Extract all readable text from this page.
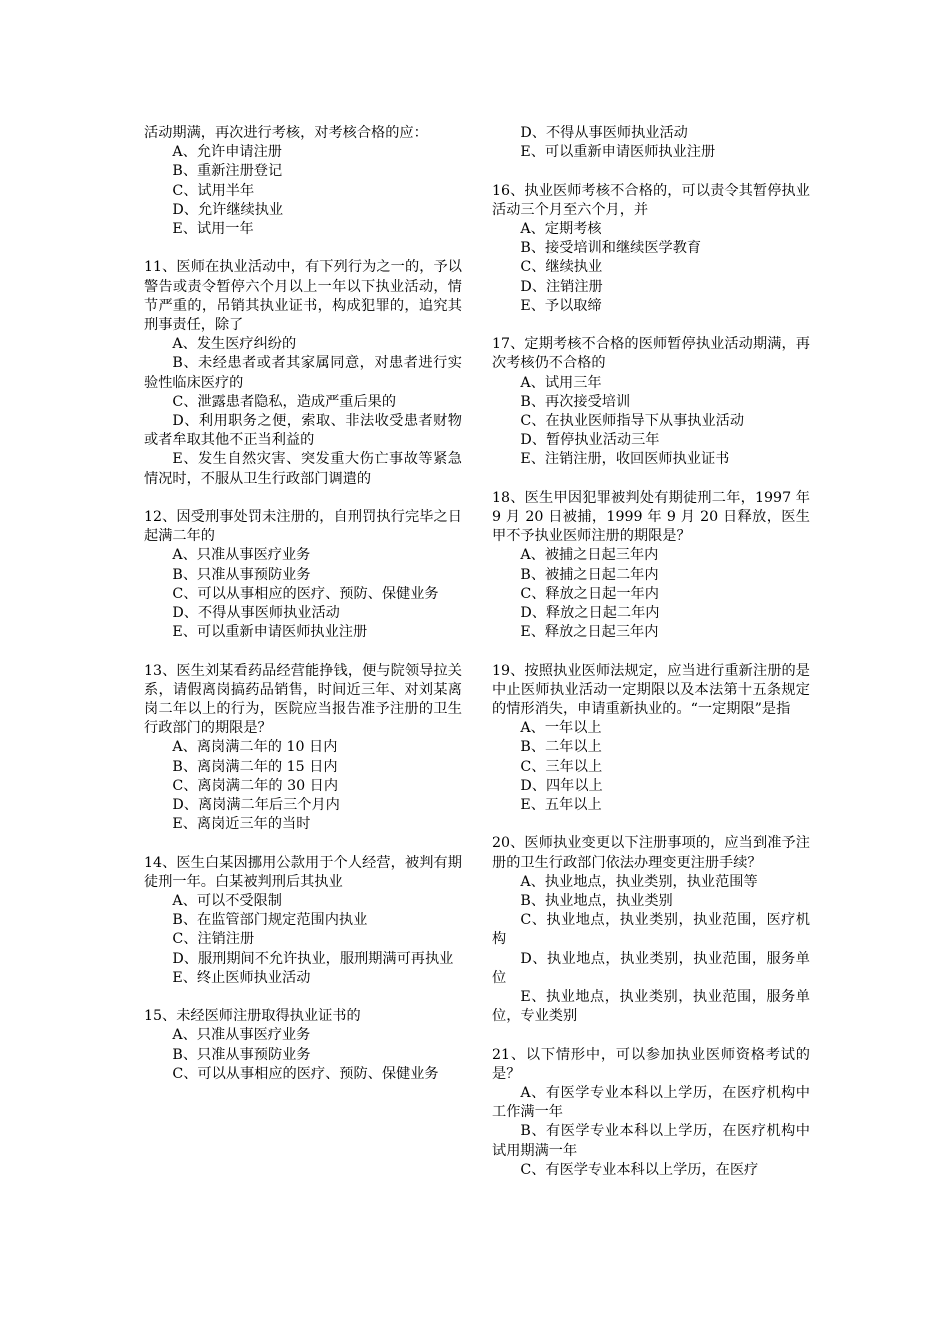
活动期满，再次进行考核，对考核合格的应：
A、允许申请注册
B、重新注册登记
C、试用半年
D、允许继续执业
E、试用一年
11、医师在执业活动中，有下列行为之一的，予以警告或责令暂停六个月以上一年以下执业活动，情节严重的，吊销其执业证书，构成犯罪的，追究其刑事责任，除了
A、发生医疗纠纷的
B、未经患者或者其家属同意，对患者进行实验性临床医疗的
C、泄露患者隐私，造成严重后果的
D、利用职务之便，索取、非法收受患者财物或者牟取其他不正当利益的
E、发生自然灾害、突发重大伤亡事故等紧急情况时，不服从卫生行政部门调遣的
12、因受刑事处罚未注册的，自刑罚执行完毕之日起满二年的
A、只准从事医疗业务
B、只准从事预防业务
C、可以从事相应的医疗、预防、保健业务
D、不得从事医师执业活动
E、可以重新申请医师执业注册
13、医生刘某看药品经营能挣钱，便与院领导拉关系，请假离岗搞药品销售，时间近三年、对刘某离岗二年以上的行为，医院应当报告准予注册的卫生行政部门的期限是？
A、离岗满二年的 10 日内
B、离岗满二年的 15 日内
C、离岗满二年的 30 日内
D、离岗满二年后三个月内
E、离岗近三年的当时
14、医生白某因挪用公款用于个人经营，被判有期徒刑一年。白某被判刑后其执业
A、可以不受限制
B、在监管部门规定范围内执业
C、注销注册
D、服刑期间不允许执业，服刑期满可再执业
E、终止医师执业活动
15、未经医师注册取得执业证书的
A、只准从事医疗业务
B、只准从事预防业务
C、可以从事相应的医疗、预防、保健业务
D、不得从事医师执业活动
E、可以重新申请医师执业注册
16、执业医师考核不合格的，可以责令其暂停执业活动三个月至六个月，并
A、定期考核
B、接受培训和继续医学教育
C、继续执业
D、注销注册
E、予以取缔
17、定期考核不合格的医师暂停执业活动期满，再次考核仍不合格的
A、试用三年
B、再次接受培训
C、在执业医师指导下从事执业活动
D、暂停执业活动三年
E、注销注册，收回医师执业证书
18、医生甲因犯罪被判处有期徒刑二年，1997 年 9 月 20 日被捕，1999 年 9 月 20 日释放，医生甲不予执业医师注册的期限是？
A、被捕之日起三年内
B、被捕之日起二年内
C、释放之日起一年内
D、释放之日起二年内
E、释放之日起三年内
19、按照执业医师法规定，应当进行重新注册的是中止医师执业活动一定期限以及本法第十五条规定的情形消失，申请重新执业的。“一定期限”是指
A、一年以上
B、二年以上
C、三年以上
D、四年以上
E、五年以上
20、医师执业变更以下注册事项的，应当到准予注册的卫生行政部门依法办理变更注册手续？
A、执业地点，执业类别，执业范围等
B、执业地点，执业类别
C、执业地点，执业类别，执业范围，医疗机构
D、执业地点，执业类别，执业范围，服务单位
E、执业地点，执业类别，执业范围，服务单位，专业类别
21、以下情形中，可以参加执业医师资格考试的是？
A、有医学专业本科以上学历，在医疗机构中工作满一年
B、有医学专业本科以上学历，在医疗机构中试用期满一年
C、有医学专业本科以上学历，在医疗
